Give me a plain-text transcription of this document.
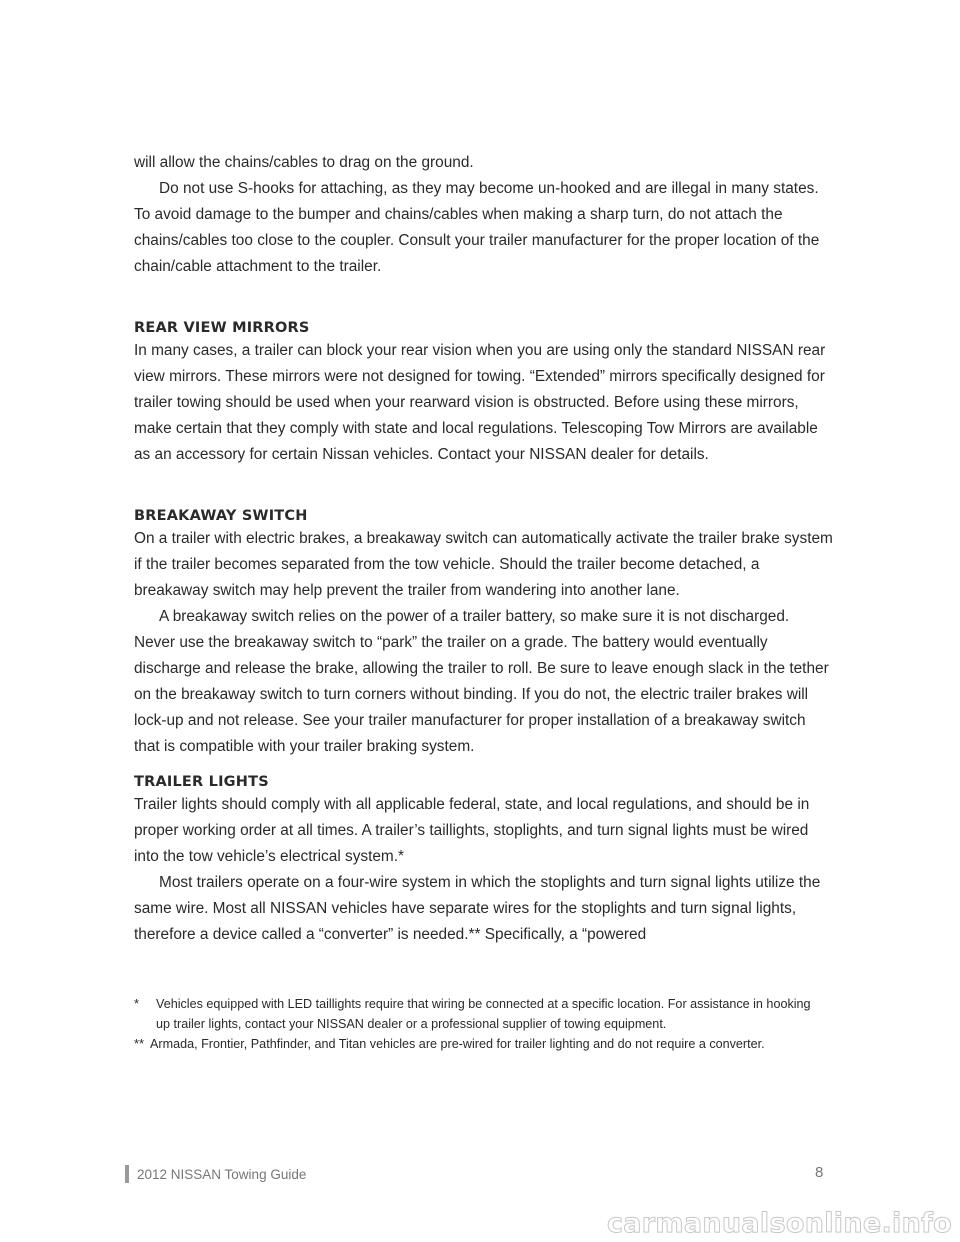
will allow the chains/cables to drag on the ground.

Do not use S-hooks for attaching, as they may become un-hooked and are illegal in many states. To avoid damage to the bumper and chains/cables when making a sharp turn, do not attach the chains/cables too close to the coupler. Consult your trailer manufacturer for the proper location of the chain/cable attachment to the trailer.

REAR VIEW MIRRORS

In many cases, a trailer can block your rear vision when you are using only the standard NISSAN rear view mirrors. These mirrors were not designed for towing. “Extended” mirrors specifically designed for trailer towing should be used when your rearward vision is obstructed. Before using these mirrors, make certain that they comply with state and local regulations. Telescoping Tow Mirrors are available as an accessory for certain Nissan vehicles. Contact your NISSAN dealer for details.

BREAKAWAY SWITCH

On a trailer with electric brakes, a breakaway switch can automatically activate the trailer brake system if the trailer becomes separated from the tow vehicle. Should the trailer become detached, a breakaway switch may help prevent the trailer from wandering into another lane.

A breakaway switch relies on the power of a trailer battery, so make sure it is not discharged. Never use the breakaway switch to “park” the trailer on a grade. The battery would eventually discharge and release the brake, allowing the trailer to roll. Be sure to leave enough slack in the tether on the breakaway switch to turn corners without binding. If you do not, the electric trailer brakes will lock-up and not release. See your trailer manufacturer for proper installation of a breakaway switch that is compatible with your trailer braking system.

TRAILER LIGHTS

Trailer lights should comply with all applicable federal, state, and local regulations, and should be in proper working order at all times. A trailer’s taillights, stoplights, and turn signal lights must be wired into the tow vehicle’s electrical system.*

Most trailers operate on a four-wire system in which the stoplights and turn signal lights utilize the same wire. Most all NISSAN vehicles have separate wires for the stoplights and turn signal lights, therefore a device called a “converter” is needed.** Specifically, a “powered

*	Vehicles equipped with LED taillights require that wiring be connected at a specific location. For assistance in hooking up trailer lights, contact your NISSAN dealer or a professional supplier of towing equipment.
** Armada, Frontier, Pathfinder, and Titan vehicles are pre-wired for trailer lighting and do not require a converter.
2012 NISSAN Towing Guide	8
carmanualsonline.info
